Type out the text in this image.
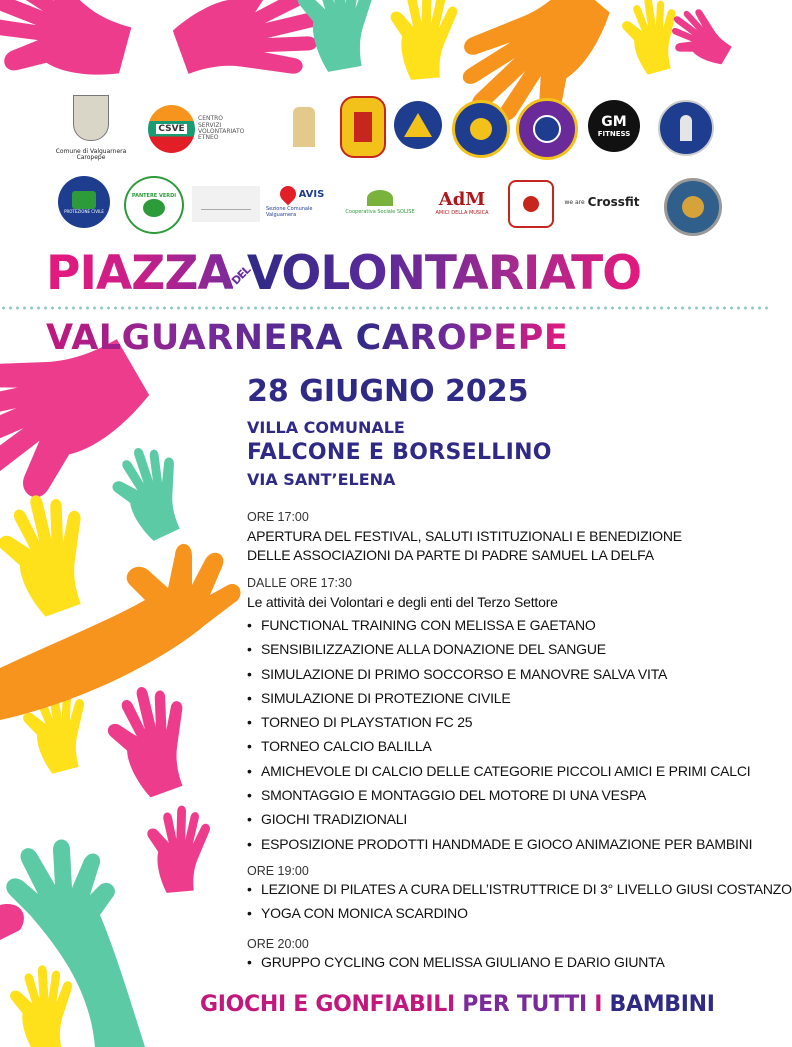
Comune di Valguarnera Caropepe
CSVE
CENTRO SERVIZI VOLONTARIATO ETNEO
GM
FITNESS
PROTEZIONE CIVILE
PANTERE VERDI	AVIS
Sezione Comunale Valguarnera
Cooperativa Sociale SOLISE
AdM
AMICI DELLA MUSICA
we are Crossfit
PIAZZADELVOLONTARIATO
VALGUARNERA CAROPEPE
28 GIUGNO 2025
VILLA COMUNALE
FALCONE E BORSELLINO
VIA SANT’ELENA
ORE 17:00
APERTURA DEL FESTIVAL, SALUTI ISTITUZIONALI E BENEDIZIONE
DELLE ASSOCIAZIONI DA PARTE DI PADRE SAMUEL LA DELFA
DALLE ORE 17:30
Le attività dei Volontari e degli enti del Terzo Settore
• FUNCTIONAL TRAINING CON MELISSA E GAETANO
• SENSIBILIZZAZIONE ALLA DONAZIONE DEL SANGUE
• SIMULAZIONE DI PRIMO SOCCORSO E MANOVRE SALVA VITA
• SIMULAZIONE DI PROTEZIONE CIVILE
• TORNEO DI PLAYSTATION FC 25
• TORNEO CALCIO BALILLA
• AMICHEVOLE DI CALCIO DELLE CATEGORIE PICCOLI AMICI E PRIMI CALCI
• SMONTAGGIO E MONTAGGIO DEL MOTORE DI UNA VESPA
• GIOCHI TRADIZIONALI
• ESPOSIZIONE PRODOTTI HANDMADE E GIOCO ANIMAZIONE PER BAMBINI
ORE 19:00
• LEZIONE DI PILATES A CURA DELL’ISTRUTTRICE DI 3° LIVELLO GIUSI COSTANZO
• YOGA CON MONICA SCARDINO
ORE 20:00
• GRUPPO CYCLING CON MELISSA GIULIANO E DARIO GIUNTA
GIOCHI E GONFIABILI PER TUTTI I BAMBINI
